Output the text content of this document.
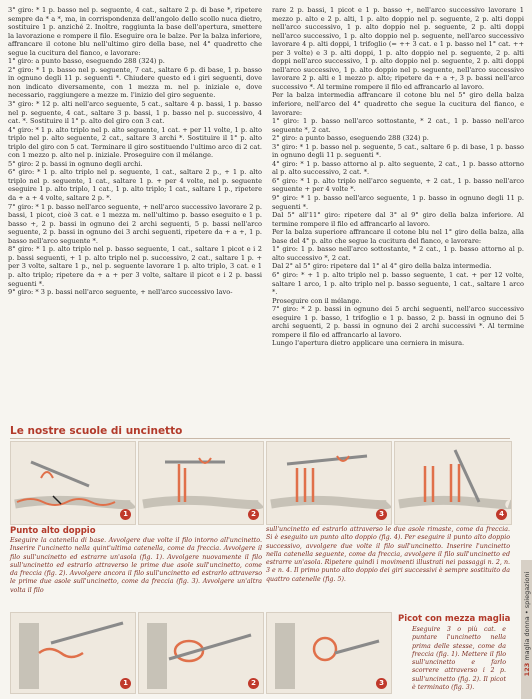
3° giro: * 1 p. basso nel p. seguente, 4 cat., saltare 2 p. di base *, ripetere sempre da * a *, ma, in corrispondenza dell'angolo dello scollo nuca dietro, sostituire 1 p. anziché 2. Inoltre, raggiunta la base dell'apertura, smettere la lavorazione e rompere il filo. Eseguire ora le balze. Per la balza inferiore, affrancare il cotone blu nell'ultimo giro della base, nel 4° quadretto che segue la cucitura del fianco, e lavorare:

1° giro: a punto basso, eseguendo 288 (324) p.

2° giro: * 1 p. basso nel p. seguente, 7 cat., saltare 6 p. di base, 1 p. basso in ognuno degli 11 p. seguenti *. Chiudere questo ed i giri seguenti, dove non indicato diversamente, con 1 mezza m. nel p. iniziale e, dove necessario, raggiungere a mezze m. l'inizio del giro seguente.

3° giro: * 12 p. alti nell'arco seguente, 5 cat., saltare 4 p. bassi, 1 p. basso nel p. seguente, 4 cat., saltare 3 p. bassi, 1 p. basso nel p. successivo, 4 cat. *. Sostituire il 1° p. alto del giro con 3 cat.

4° giro: * 1 p. alto triplo nel p. alto seguente, 1 cat. + per 11 volte, 1 p. alto triplo nel p. alto seguente, 2 cat., saltare 3 archi *. Sostituire il 1° p. alto triplo del giro con 5 cat. Terminare il giro sostituendo l'ultimo arco di 2 cat. con 1 mezzo p. alto nel p. iniziale. Proseguire con il mélange.

5° giro: 2 p. bassi in ognuno degli archi.

6° giro: * 1 p. alto triplo nel p. seguente, 1 cat., saltare 2 p., + 1 p. alto triplo nel p. seguente, 1 cat., saltare 1 p. + per 4 volte, nel p. seguente eseguire 1 p. alto triplo, 1 cat., 1 p. alto triplo; 1 cat., saltare 1 p., ripetere da + a + 4 volte, saltare 2 p. *.

7° giro: * 1 p. basso nell'arco seguente, + nell'arco successivo lavorare 2 p. bassi, 1 picot, cioè 3 cat. e 1 mezza m. nell'ultimo p. basso eseguito e 1 p. basso +, 2 p. bassi in ognuno dei 2 archi seguenti, 5 p. bassi nell'arco seguente, 2 p. bassi in ognuno dei 3 archi seguenti, ripetere da + a +, 1 p. basso nell'arco seguente *.

8° giro: * 1 p. alto triplo nel p. basso seguente, 1 cat., saltare 1 picot e i 2 p. bassi seguenti, + 1 p. alto triplo nel p. successivo, 2 cat., saltare 1 p. + per 3 volte, saltare 1 p., nel p. seguente lavorare 1 p. alto triplo, 3 cat. e 1 p. alto triplo; ripetere da + a + per 3 volte, saltare il picot e i 2 p. bassi seguenti *.

9° giro: * 3 p. bassi nell'arco seguente, + nell'arco successivo lavo-

rare 2 p. bassi, 1 picot e 1 p. basso +, nell'arco successivo lavorare 1 mezzo p. alto e 2 p. alti, 1 p. alto doppio nel p. seguente, 2 p. alti doppi nell'arco successivo, 1 p. alto doppio nel p. seguente, 2 p. alti doppi nell'arco successivo, 1 p. alto doppio nel p. seguente, nell'arco successivo lavorare 4 p. alti doppi, 1 trifoglio (= ++ 3 cat. e 1 p. basso nel 1° cat. ++ per 3 volte) e 3 p. alti doppi, 1 p. alto doppio nel p. seguente, 2 p. alti doppi nell'arco successivo, 1 p. alto doppio nel p. seguente, 2 p. alti doppi nell'arco successivo, 1 p. alto doppio nel p. seguente, nell'arco successivo lavorare 2 p. alti e 1 mezzo p. alto; ripetere da + a +, 3 p. bassi nell'arco successivo *. Al termine rompere il filo ed affrancarlo al lavoro.

Per la balza intermedia affrancare il cotone blu nel 5° giro della balza inferiore, nell'arco del 4° quadretto che segue la cucitura del fianco, e lavorare:

1° giro: 1 p. basso nell'arco sottostante, * 2 cat., 1 p. basso nell'arco seguente *, 2 cat.

2° giro: a punto basso, eseguendo 288 (324) p.

3° giro: * 1 p. basso nel p. seguente, 5 cat., saltare 6 p. di base, 1 p. basso in ognuno degli 11 p. seguenti *.

4° giro: * 1 p. basso attorno al p. alto seguente, 2 cat., 1 p. basso attorno al p. alto successivo, 2 cat. *.

6° giro: * 1 p. alto triplo nell'arco seguente, + 2 cat., 1 p. basso nell'arco seguente + per 4 volte *.

9° giro: * 1 p. basso nell'arco seguente, 1 p. basso in ognuno degli 11 p. seguenti *.

Dal 5° all'11° giro: ripetere dal 3° al 9° giro della balza inferiore. Al termine rompere il filo ed affrancarlo al lavoro.

Per la balza superiore affrancare il cotone blu nel 1° giro della balza, alla base del 4° p. alto che segue la cucitura del fianco, e lavorare:

1° giro: 1 p. basso nell'arco sottostante, * 2 cat., 1 p. basso attorno al p. alto successivo *, 2 cat.

Dal 2° al 5° giro: ripetere dal 1° al 4° giro della balza intermedia.

6° giro: * + 1 p. alto triplo nel p. basso seguente, 1 cat. + per 12 volte, saltare 1 arco, 1 p. alto triplo nel p. basso seguente, 1 cat., saltare 1 arco *.

Proseguire con il mélange.

7° giro: * 2 p. bassi in ognuno dei 5 archi seguenti, nell'arco successivo eseguire 1 p. basso, 1 trifoglio e 1 p. basso, 2 p. bassi in ognuno dei 5 archi seguenti, 2 p. bassi in ognuno dei 2 archi successivi *. Al termine rompere il filo ed affrancarlo al lavoro.

Lungo l'apertura dietro applicare una cerniera in misura.

Le nostre scuole di uncinetto
1	2	3	4
Punto alto doppio
Eseguire la catenella di base. Avvolgere due volte il filo intorno all'uncinetto. Inserire l'uncinetto nella quint'ultima catenella, come da freccia. Avvolgere il filo sull'uncinetto ed estrarre un'asola (fig. 1). Avvolgere nuovamente il filo sull'uncinetto ed estrarlo attraverso le prime due asole sull'uncinetto, come da freccia (fig. 2). Avvolgere ancora il filo sull'uncinetto ed estrarlo attraverso le prime due asole sull'uncinetto, come da freccia (fig. 3). Avvolgere un'altra volta il filo
sull'uncinetto ed estrarlo attraverso le due asole rimaste, come da freccia. Si è eseguito un punto alto doppio (fig. 4). Per eseguire il punto alto doppio successivo, avvolgere due volte il filo sull'uncinetto. Inserire l'uncinetto nella catenella seguente, come da freccia, avvolgere il filo sull'uncinetto ed estrarre un'asola. Ripetere quindi i movimenti illustrati nei passaggi n. 2, n. 3 e n. 4. Il primo punto alto doppio dei giri successivi è sempre sostituito da quattro catenelle (fig. 5).
1	2	3
Picot con mezza maglia
Eseguire 3 o più cat. e puntare l'uncinetto nella prima delle stesse, come da freccia (fig. 1). Mettere il filo sull'uncinetto e farlo scorrere attraverso i 2 p. sull'uncinetto (fig. 2). Il picot è terminato (fig. 3).
123 maglia donna • spiegazioni
